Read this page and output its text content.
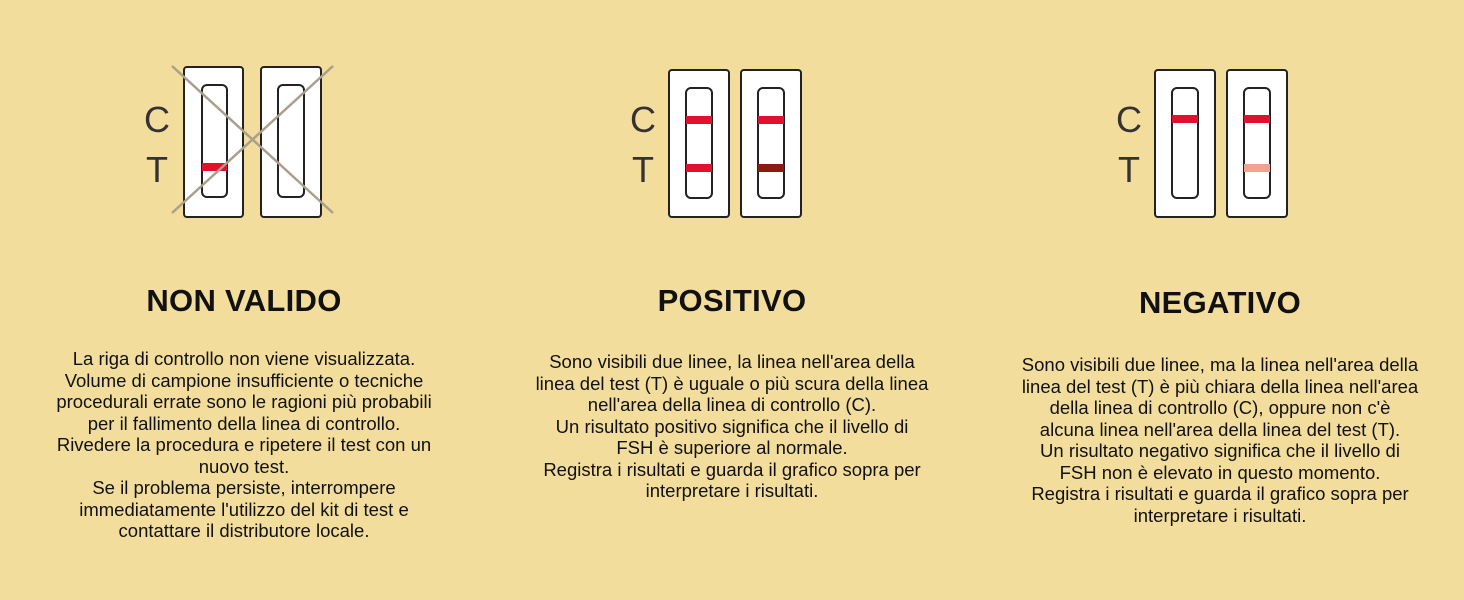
C
T
NON VALIDO
La riga di controllo non viene visualizzata.
Volume di campione insufficiente o tecniche
procedurali errate sono le ragioni più probabili
per il fallimento della linea di controllo.
Rivedere la procedura e ripetere il test con un
nuovo test.
Se il problema persiste, interrompere
immediatamente l'utilizzo del kit di test e
contattare il distributore locale.
C
T
POSITIVO
Sono visibili due linee, la linea nell'area della
linea del test (T) è uguale o più scura della linea
nell'area della linea di controllo (C).
Un risultato positivo significa che il livello di
FSH è superiore al normale.
Registra i risultati e guarda il grafico sopra per
interpretare i risultati.
C
T
NEGATIVO
Sono visibili due linee, ma la linea nell'area della
linea del test (T) è più chiara della linea nell'area
della linea di controllo (C), oppure non c'è
alcuna linea nell'area della linea del test (T).
Un risultato negativo significa che il livello di
FSH non è elevato in questo momento.
Registra i risultati e guarda il grafico sopra per
interpretare i risultati.
